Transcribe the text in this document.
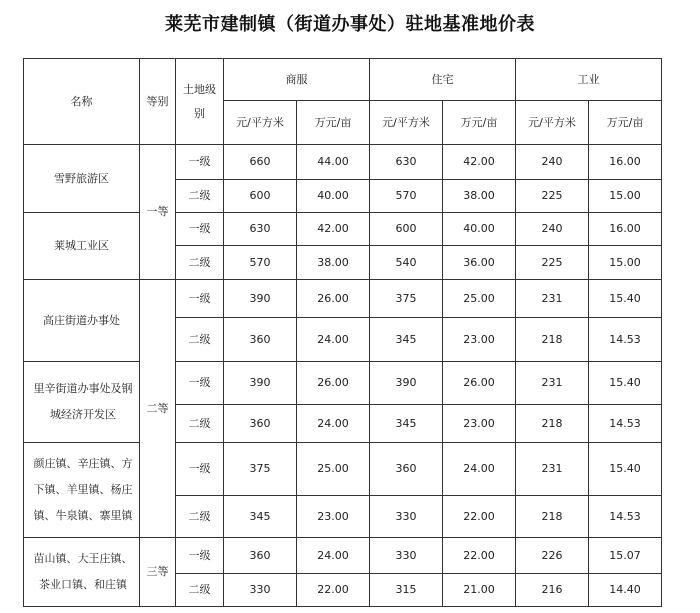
莱芜市建制镇（街道办事处）驻地基准地价表
名称	等别	土地级别	商服		住宅		工业	
			元/平方米	万元/亩	元/平方米	万元/亩	元/平方米	万元/亩
雪野旅游区	一等	一级	660	44.00	630	42.00	240	16.00
		二级	600	40.00	570	38.00	225	15.00
莱城工业区		一级	630	42.00	600	40.00	240	16.00
		二级	570	38.00	540	36.00	225	15.00
高庄街道办事处	二等	一级	390	26.00	375	25.00	231	15.40
		二级	360	24.00	345	23.00	218	14.53
里辛街道办事处及钢城经济开发区		一级	390	26.00	390	26.00	231	15.40
		二级	360	24.00	345	23.00	218	14.53
颜庄镇、辛庄镇、方下镇、羊里镇、杨庄镇、牛泉镇、寨里镇		一级	375	25.00	360	24.00	231	15.40
		二级	345	23.00	330	22.00	218	14.53
苗山镇、大王庄镇、茶业口镇、和庄镇	三等	一级	360	24.00	330	22.00	226	15.07
		二级	330	22.00	315	21.00	216	14.40
